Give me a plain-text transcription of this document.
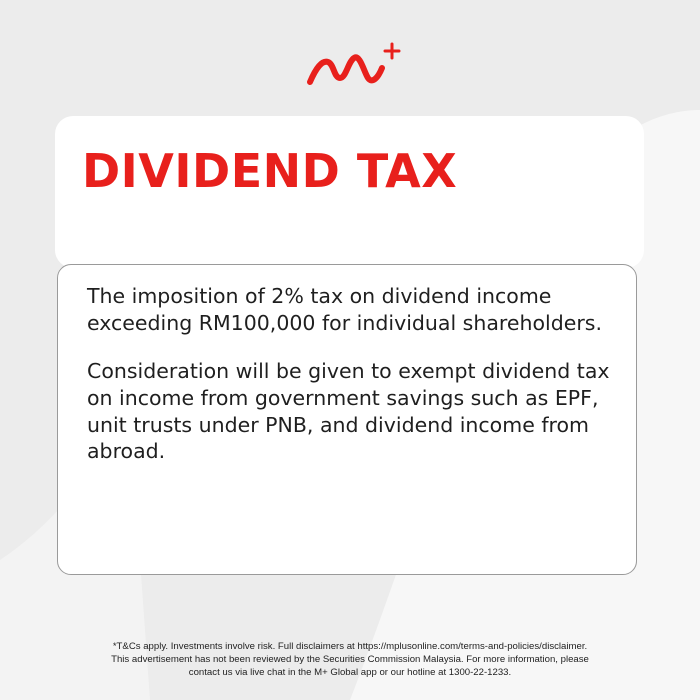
DIVIDEND TAX

The imposition of 2% tax on dividend income exceeding RM100,000 for individual shareholders.

Consideration will be given to exempt dividend tax on income from government savings such as EPF, unit trusts under PNB, and dividend income from abroad.

*T&Cs apply. Investments involve risk. Full disclaimers at https://mplusonline.com/terms-and-policies/disclaimer.
This advertisement has not been reviewed by the Securities Commission Malaysia. For more information, please
contact us via live chat in the M+ Global app or our hotline at 1300-22-1233.
